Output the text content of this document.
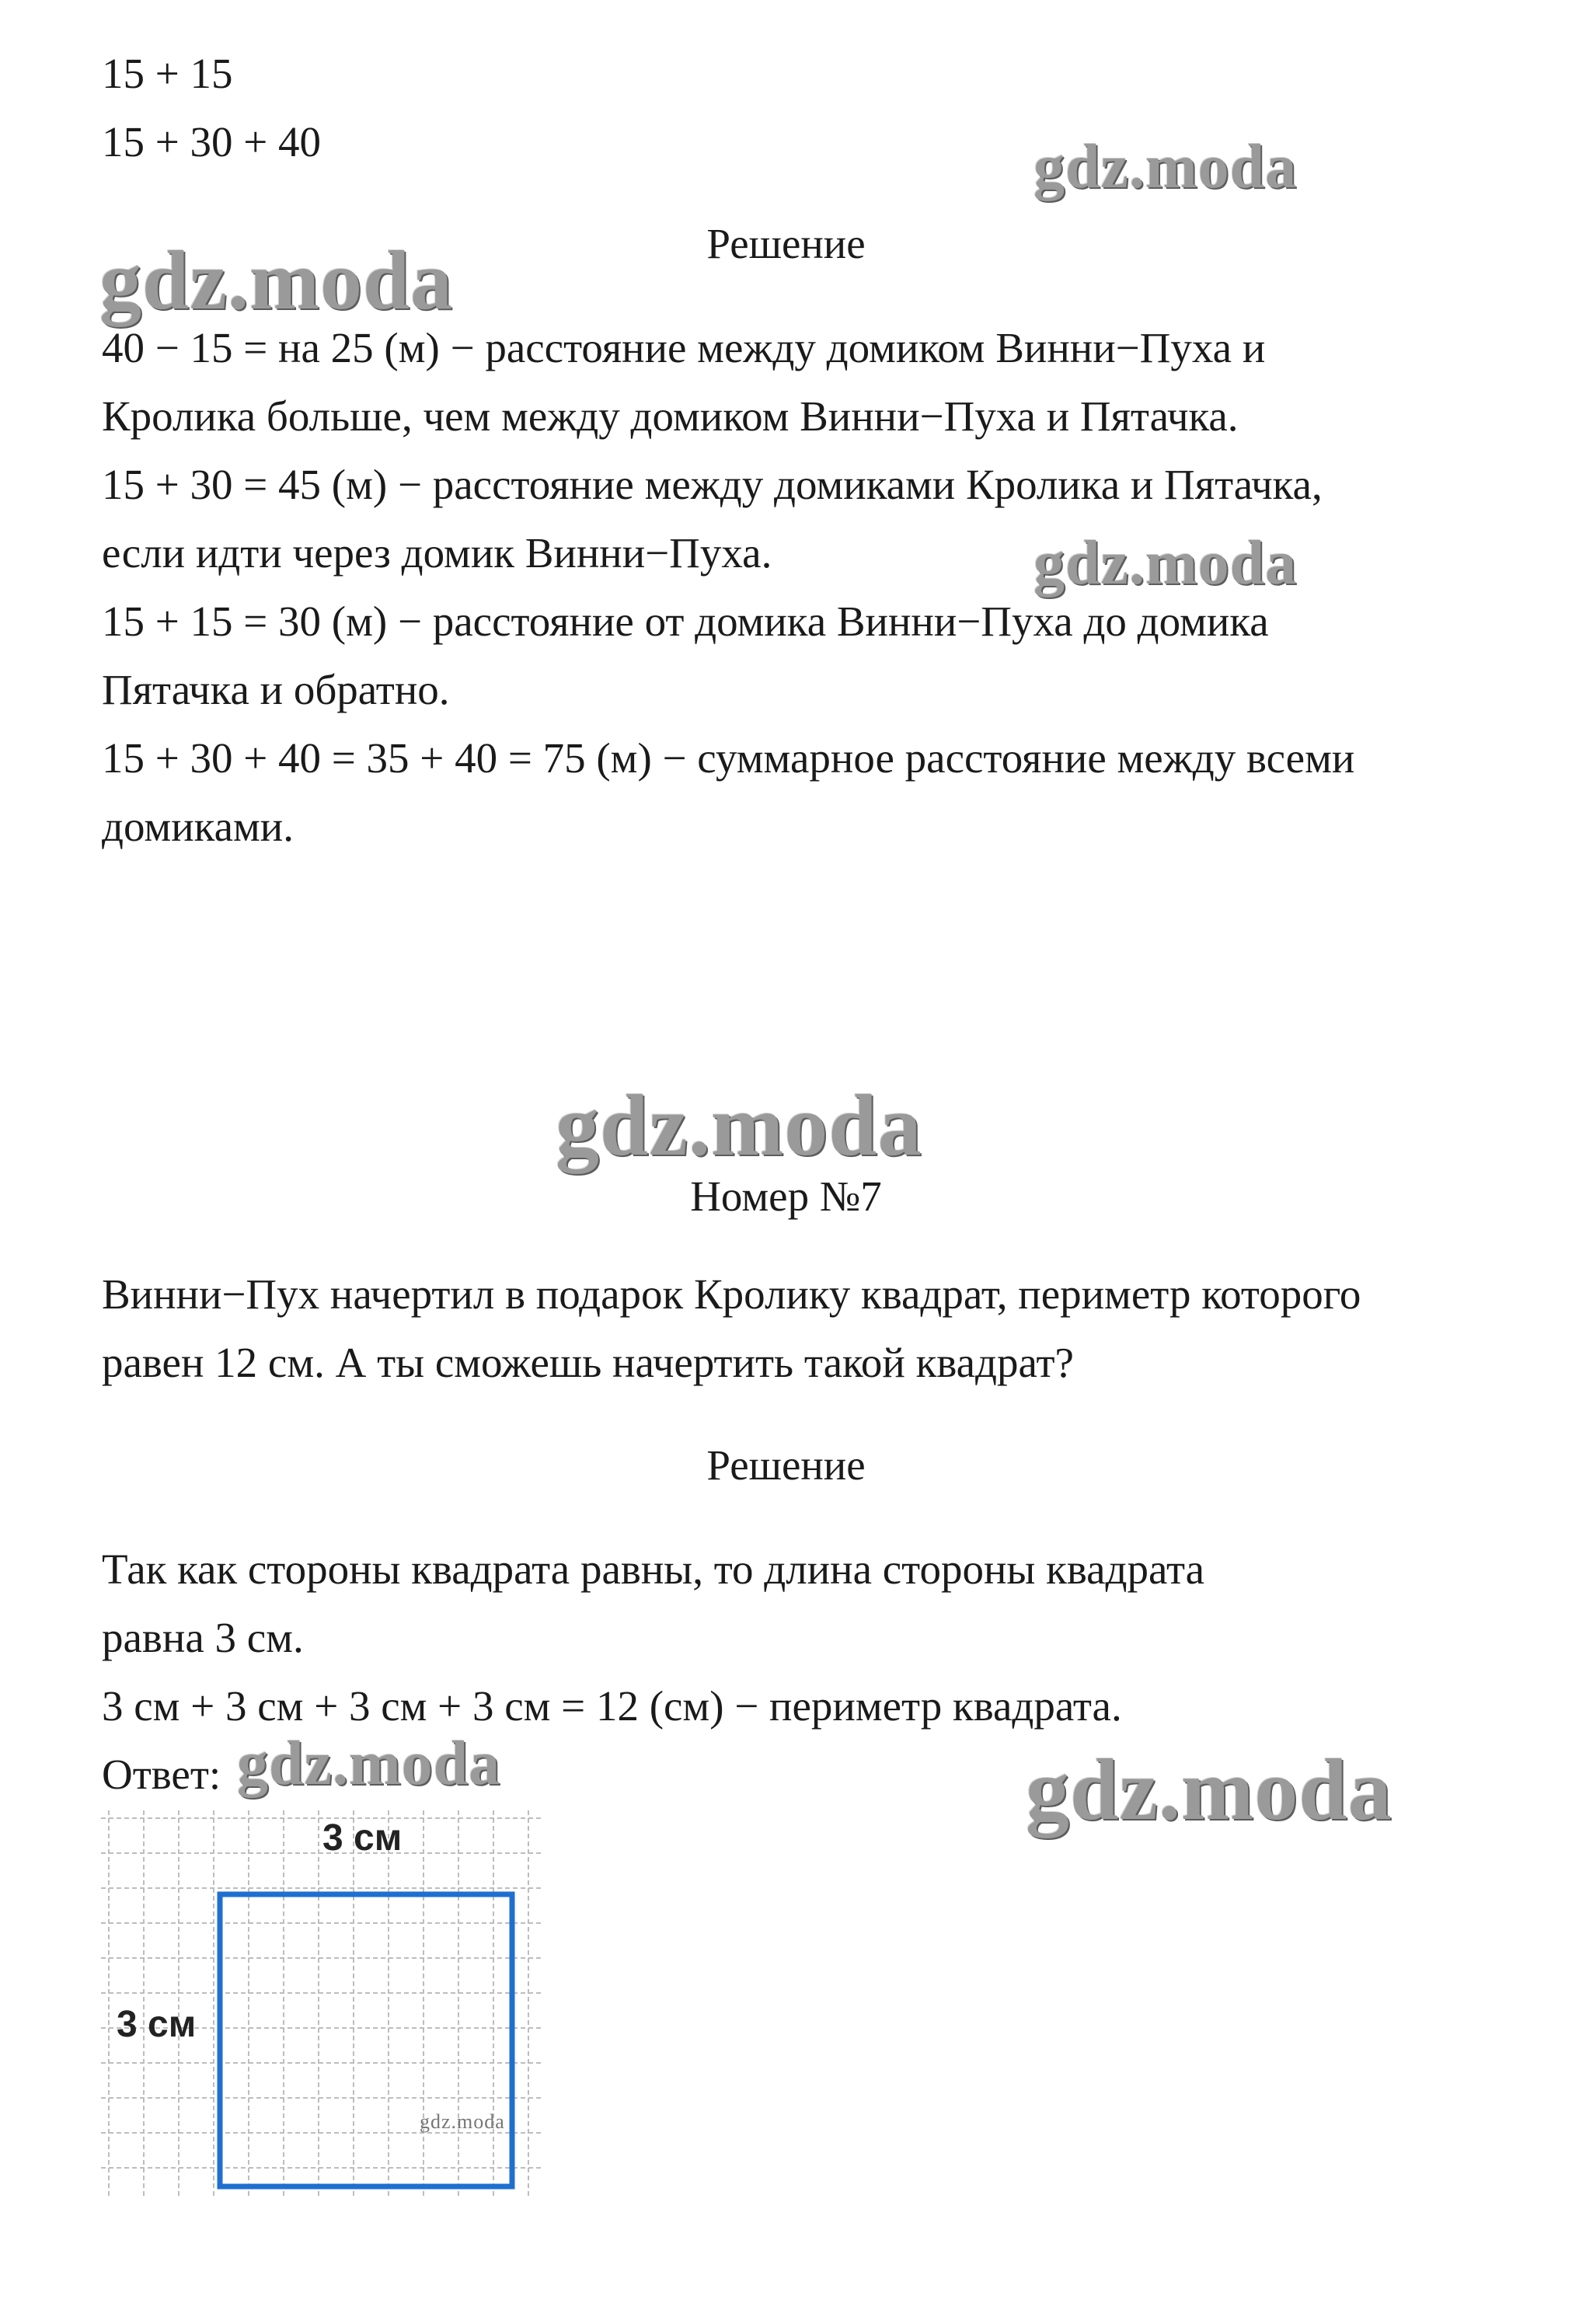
15 + 15
15 + 30 + 40
Решение
40 − 15 = на 25 (м) − расстояние между домиком Винни−Пуха и
Кролика больше, чем между домиком Винни−Пуха и Пятачка.
15 + 30 = 45 (м) − расстояние между домиками Кролика и Пятачка,
если идти через домик Винни−Пуха.
15 + 15 = 30 (м) − расстояние от домика Винни−Пуха до домика
Пятачка и обратно.
15 + 30 + 40 = 35 + 40 = 75 (м) − суммарное расстояние между всеми
домиками.
Номер №7
Винни−Пух начертил в подарок Кролику квадрат, периметр которого
равен 12 см. А ты сможешь начертить такой квадрат?
Решение
Так как стороны квадрата равны, то длина стороны квадрата
равна 3 см.
3 см + 3 см + 3 см + 3 см = 12 (см) − периметр квадрата.
Ответ:
3 см
3 см
gdz.moda
gdz.moda
gdz.moda
gdz.moda
gdz.moda
gdz.moda	gdz.moda
